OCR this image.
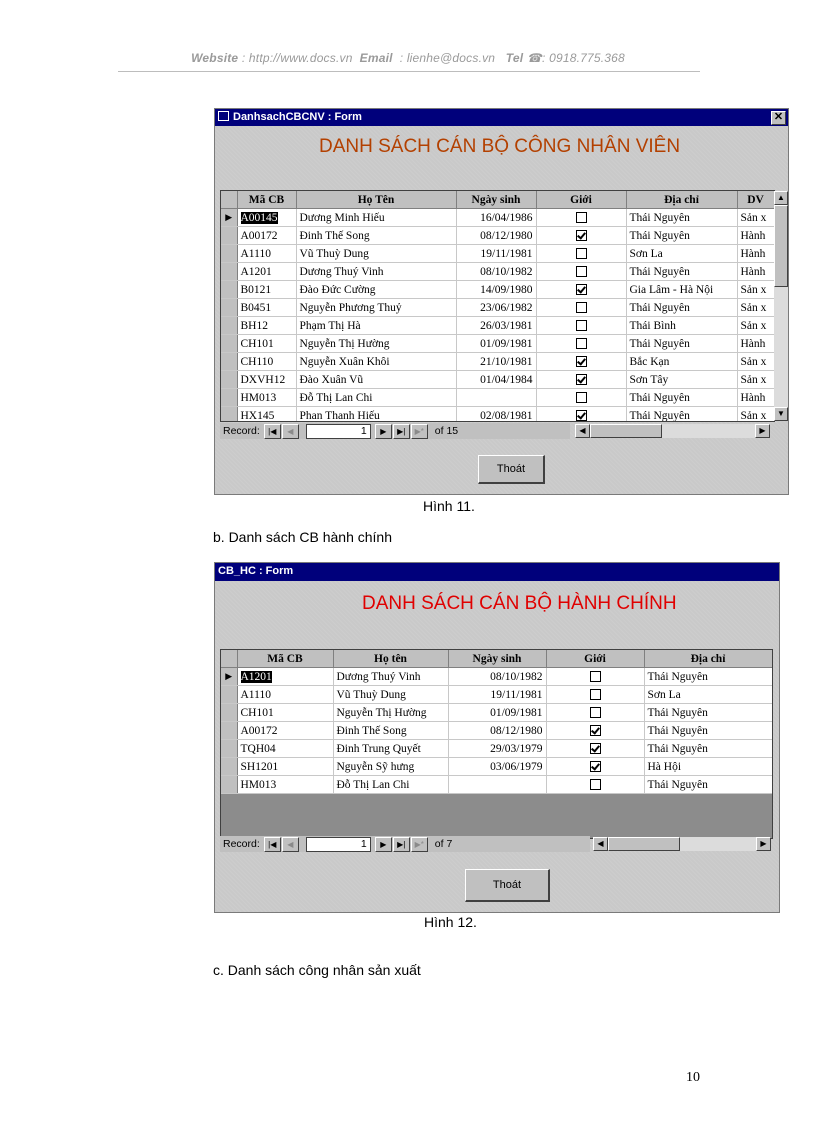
Website : http://www.docs.vn Email : lienhe@docs.vn Tel ☎: 0918.775.368
DanhsachCBCNV : Form	✕
DANH SÁCH CÁN BỘ CÔNG NHÂN VIÊN
	Mã CB	Họ Tên	Ngày sinh	Giới	Địa chỉ	DV
▶	A00145	Dương Minh Hiếu	16/04/1986		Thái Nguyên	Sản x
	A00172	Đinh Thế Song	08/12/1980		Thái Nguyên	Hành
	A1110	Vũ Thuỳ Dung	19/11/1981		Sơn La	Hành
	A1201	Dương Thuý Vinh	08/10/1982		Thái Nguyên	Hành
	B0121	Đào Đức Cường	14/09/1980		Gia Lâm - Hà Nội	Sản x
	B0451	Nguyễn Phương Thuỷ	23/06/1982		Thái Nguyên	Sản x
	BH12	Phạm Thị Hà	26/03/1981		Thái Bình	Sản x
	CH101	Nguyễn Thị Hường	01/09/1981		Thái Nguyên	Hành
	CH110	Nguyễn Xuân Khôi	21/10/1981		Bắc Kạn	Sản x
	DXVH12	Đào Xuân Vũ	01/04/1984		Sơn Tây	Sản x
	HM013	Đỗ Thị Lan Chi			Thái Nguyên	Hành
	HX145	Phan Thanh Hiếu	02/08/1981		Thái Nguyên	Sản x
▲
▼
Record:	|◀	◀	1	▶	▶|	▶*	of 15	◀	▶
Thoát
Hình 11.
b. Danh sách CB hành chính
CB_HC : Form
DANH SÁCH CÁN BỘ HÀNH CHÍNH
	Mã CB	Họ tên	Ngày sinh	Giới	Địa chỉ
▶	A1201	Dương Thuý Vinh	08/10/1982		Thái Nguyên
	A1110	Vũ Thuỳ Dung	19/11/1981		Sơn La
	CH101	Nguyễn Thị Hường	01/09/1981		Thái Nguyên
	A00172	Đinh Thế Song	08/12/1980		Thái Nguyên
	TQH04	Đinh Trung Quyết	29/03/1979		Thái Nguyên
	SH1201	Nguyễn Sỹ hưng	03/06/1979		Hà Hội
	HM013	Đỗ Thị Lan Chi			Thái Nguyên
Record:	|◀	◀	1	▶	▶|	▶*	of 7	◀	▶
Thoát
Hình 12.
c. Danh sách công nhân sản xuất
10
